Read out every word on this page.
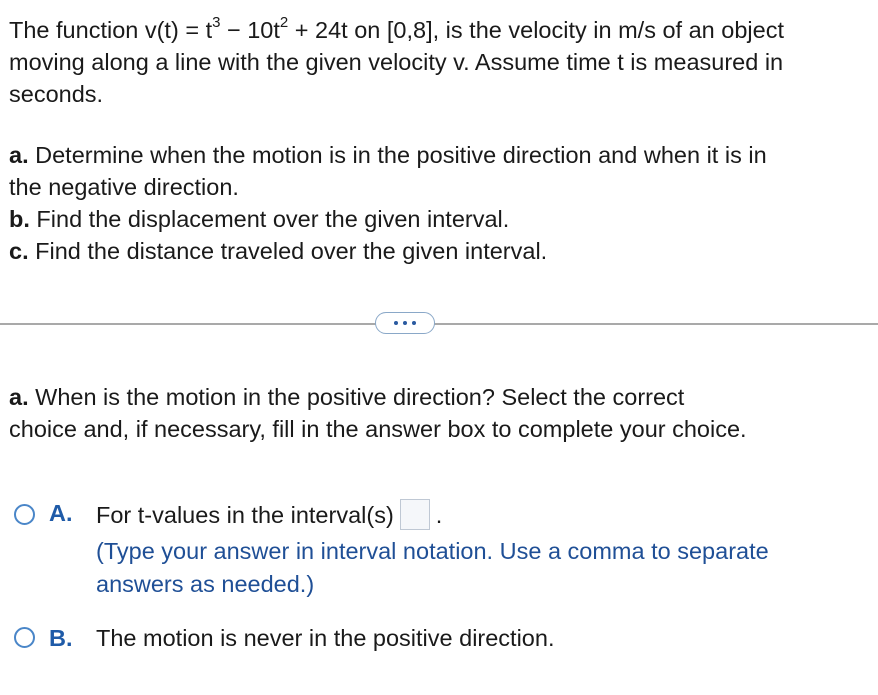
The function $v(t) = t^3 - 10t^2 + 24t$ on [0,8], is the velocity in m/s of an object
moving along a line with the given velocity v. Assume time t is measured in
seconds.
a. Determine when the motion is in the positive direction and when it is in
the negative direction.
b. Find the displacement over the given interval.
c. Find the distance traveled over the given interval.
a. When is the motion in the positive direction? Select the correct
choice and, if necessary, fill in the answer box to complete your choice.
A. For t-values in the interval(s) .
(Type your answer in interval notation. Use a comma to separate
answers as needed.)
B. The motion is never in the positive direction.
